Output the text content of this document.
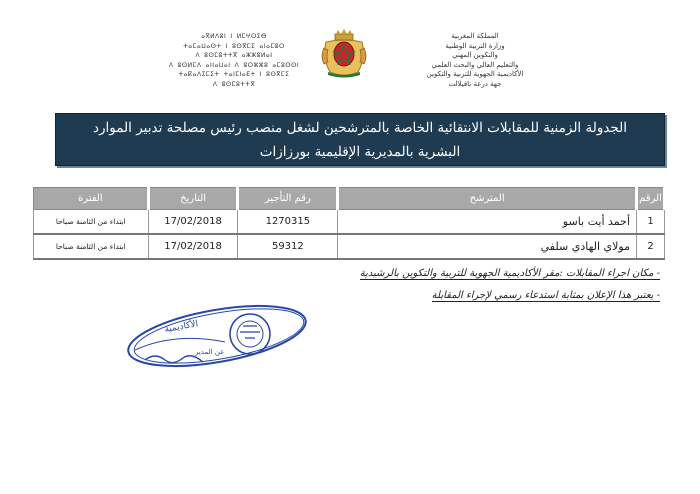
المملكة المغربية
وزارة التربية الوطنية
والتكوين المهني
والتعليم العالي والبحث العلمي
الأكاديمية الجهوية للتربية والتكوين
جهة درعة تافيلالت
ⴰⴳⵍⴷⵓⵏ ⵏ ⵍⵎⵖⵔⵉⴱ
ⵜⴰⵎⴰⵡⴰⵙⵜ ⵏ ⵓⵙⴳⵎⵉ ⴰⵏⴰⵎⵓⵔ
ⴷ ⵓⵙⵎⵓⵜⵜⴳ ⴰⵣⵣⵓⵍⴰⵏ
ⴷ ⵓⵙⵍⵎⴷ ⴰⵏⵏⴰⵡⴰⵏ ⴷ ⵓⵔⵣⵣⵓ ⴰⵎⵓⵙⵙⵏ
ⵜⴰⴽⴰⴷⵉⵎⵉⵜ ⵜⴰⵏⵎⵏⴰⴹⵜ ⵏ ⵓⵙⴳⵎⵉ
ⴷ ⵓⵙⵎⵓⵜⵜⴳ
الجدولة الزمنية للمقابلات الانتقائية الخاصة بالمترشحين لشغل منصب رئيس مصلحة تدبير الموارد
البشرية بالمديرية الإقليمية بورزازات
الرقم	المترشح	رقم التأجير	التاريخ	الفترة
1	أحمد أيت باسو	1270315	17/02/2018	ابتداء من الثامنة صباحا
2	مولاي الهادي سلفي	59312	17/02/2018	ابتداء من الثامنة صباحا
- مكان اجراء المقابلات :مقر الأكاديمية الجهوية للتربية والتكوين بالرشيدية
- يعتبر هذا الإعلان بمثابة استدعاء رسمي لإجراء المقابلة
الأكاديمية
عن المدير
